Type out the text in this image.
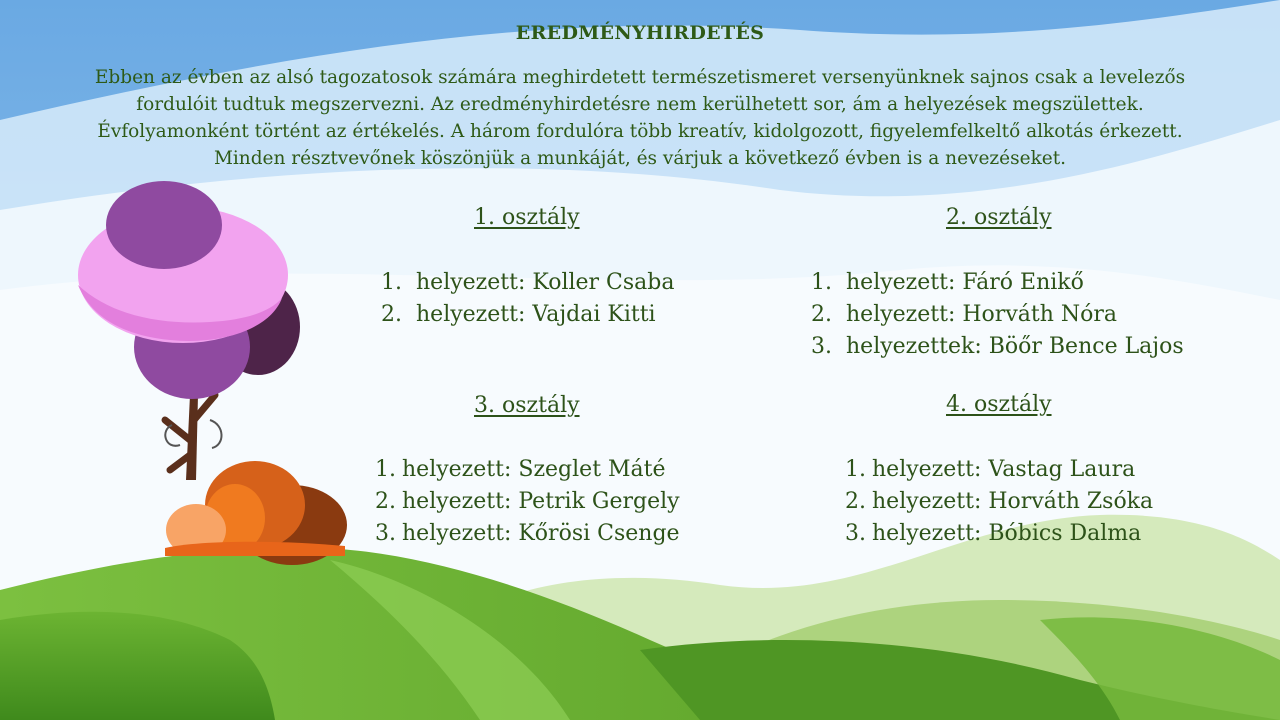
EREDMÉNYHIRDETÉS
Ebben az évben az alsó tagozatosok számára meghirdetett természetismeret versenyünknek sajnos csak a levelezős
fordulóit tudtuk megszervezni. Az eredményhirdetésre nem kerülhetett sor, ám a helyezések megszülettek.
Évfolyamonként történt az értékelés. A három fordulóra több kreatív, kidolgozott, figyelemfelkeltő alkotás érkezett.
Minden résztvevőnek köszönjük a munkáját, és várjuk a következő évben is a nevezéseket.
1. osztály
1. helyezett: Koller Csaba
2. helyezett: Vajdai Kitti
2. osztály
1. helyezett: Fáró Enikő
2. helyezett: Horváth Nóra
3. helyezettek: Böőr Bence Lajos
3. osztály
1. helyezett: Szeglet Máté
2. helyezett: Petrik Gergely
3. helyezett: Kőrösi Csenge
4. osztály
1. helyezett: Vastag Laura
2. helyezett: Horváth Zsóka
3. helyezett: Bóbics Dalma
